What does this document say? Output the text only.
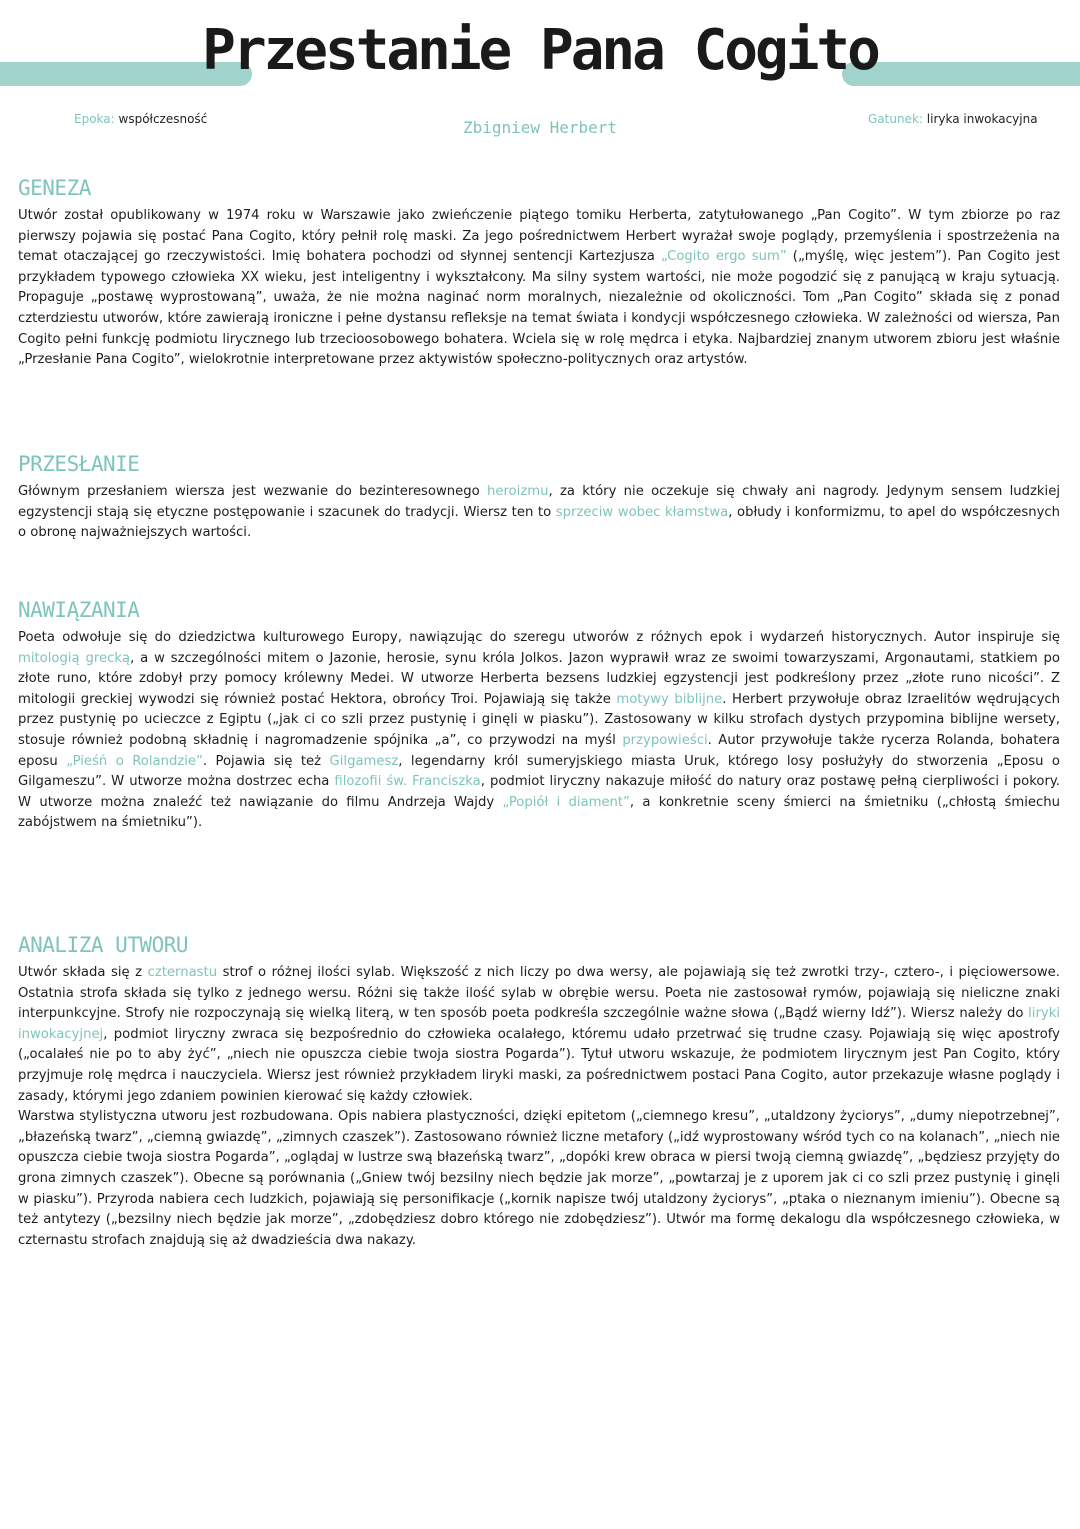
Przestanie Pana Cogito
Zbigniew Herbert
Epoka: współczesność	Gatunek: liryka inwokacyjna
GENEZA

Utwór został opublikowany w 1974 roku w Warszawie jako zwieńczenie piątego tomiku Herberta, zatytułowanego „Pan Cogito”. W tym zbiorze po raz pierwszy pojawia się postać Pana Cogito, który pełnił rolę maski. Za jego pośrednictwem Herbert wyrażał swoje poglądy, przemyślenia i spostrzeżenia na temat otaczającej go rzeczywistości. Imię bohatera pochodzi od słynnej sentencji Kartezjusza „Cogito ergo sum” („myślę, więc jestem”). Pan Cogito jest przykładem typowego człowieka XX wieku, jest inteligentny i wykształcony. Ma silny system wartości, nie może pogodzić się z panującą w kraju sytuacją. Propaguje „postawę wyprostowaną”, uważa, że nie można naginać norm moralnych, niezależnie od okoliczności. Tom „Pan Cogito” składa się z ponad czterdziestu utworów, które zawierają ironiczne i pełne dystansu refleksje na temat świata i kondycji współczesnego człowieka. W zależności od wiersza, Pan Cogito pełni funkcję podmiotu lirycznego lub trzecioosobowego bohatera. Wciela się w rolę mędrca i etyka. Najbardziej znanym utworem zbioru jest właśnie „Przesłanie Pana Cogito”, wielokrotnie interpretowane przez aktywistów społeczno-politycznych oraz artystów.

PRZESŁANIE

Głównym przesłaniem wiersza jest wezwanie do bezinteresownego heroizmu, za który nie oczekuje się chwały ani nagrody. Jedynym sensem ludzkiej egzystencji stają się etyczne postępowanie i szacunek do tradycji. Wiersz ten to sprzeciw wobec kłamstwa, obłudy i konformizmu, to apel do współczesnych o obronę najważniejszych wartości.

NAWIĄZANIA

Poeta odwołuje się do dziedzictwa kulturowego Europy, nawiązując do szeregu utworów z różnych epok i wydarzeń historycznych. Autor inspiruje się mitologią grecką, a w szczególności mitem o Jazonie, herosie, synu króla Jolkos. Jazon wyprawił wraz ze swoimi towarzyszami, Argonautami, statkiem po złote runo, które zdobył przy pomocy królewny Medei. W utworze Herberta bezsens ludzkiej egzystencji jest podkreślony przez „złote runo nicości”. Z mitologii greckiej wywodzi się również postać Hektora, obrońcy Troi. Pojawiają się także motywy biblijne. Herbert przywołuje obraz Izraelitów wędrujących przez pustynię po ucieczce z Egiptu („jak ci co szli przez pustynię i ginęli w piasku”). Zastosowany w kilku strofach dystych przypomina biblijne wersety, stosuje również podobną składnię i nagromadzenie spójnika „a”, co przywodzi na myśl przypowieści. Autor przywołuje także rycerza Rolanda, bohatera eposu „Pieśń o Rolandzie”. Pojawia się też Gilgamesz, legendarny król sumeryjskiego miasta Uruk, którego losy posłużyły do stworzenia „Eposu o Gilgameszu”. W utworze można dostrzec echa filozofii św. Franciszka, podmiot liryczny nakazuje miłość do natury oraz postawę pełną cierpliwości i pokory. W utworze można znaleźć też nawiązanie do filmu Andrzeja Wajdy „Popiół i diament”, a konkretnie sceny śmierci na śmietniku („chłostą śmiechu zabójstwem na śmietniku”).

ANALIZA UTWORU

Utwór składa się z czternastu strof o różnej ilości sylab. Większość z nich liczy po dwa wersy, ale pojawiają się też zwrotki trzy-, cztero-, i pięciowersowe. Ostatnia strofa składa się tylko z jednego wersu. Różni się także ilość sylab w obrębie wersu. Poeta nie zastosował rymów, pojawiają się nieliczne znaki interpunkcyjne. Strofy nie rozpoczynają się wielką literą, w ten sposób poeta podkreśla szczególnie ważne słowa („Bądź wierny Idź”). Wiersz należy do liryki inwokacyjnej, podmiot liryczny zwraca się bezpośrednio do człowieka ocalałego, któremu udało przetrwać się trudne czasy. Pojawiają się więc apostrofy („ocalałeś nie po to aby żyć”, „niech nie opuszcza ciebie twoja siostra Pogarda”). Tytuł utworu wskazuje, że podmiotem lirycznym jest Pan Cogito, który przyjmuje rolę mędrca i nauczyciela. Wiersz jest również przykładem liryki maski, za pośrednictwem postaci Pana Cogito, autor przekazuje własne poglądy i zasady, którymi jego zdaniem powinien kierować się każdy człowiek.

Warstwa stylistyczna utworu jest rozbudowana. Opis nabiera plastyczności, dzięki epitetom („ciemnego kresu”, „utaldzony życiorys”, „dumy niepotrzebnej”, „błazeńską twarz”, „ciemną gwiazdę”, „zimnych czaszek”). Zastosowano również liczne metafory („idź wyprostowany wśród tych co na kolanach”, „niech nie opuszcza ciebie twoja siostra Pogarda”, „oglądaj w lustrze swą błazeńską twarz”, „dopóki krew obraca w piersi twoją ciemną gwiazdę”, „będziesz przyjęty do grona zimnych czaszek”). Obecne są porównania („Gniew twój bezsilny niech będzie jak morze”, „powtarzaj je z uporem jak ci co szli przez pustynię i ginęli w piasku”). Przyroda nabiera cech ludzkich, pojawiają się personifikacje („kornik napisze twój utaldzony życiorys”, „ptaka o nieznanym imieniu”). Obecne są też antytezy („bezsilny niech będzie jak morze”, „zdobędziesz dobro którego nie zdobędziesz”). Utwór ma formę dekalogu dla współczesnego człowieka, w czternastu strofach znajdują się aż dwadzieścia dwa nakazy.
